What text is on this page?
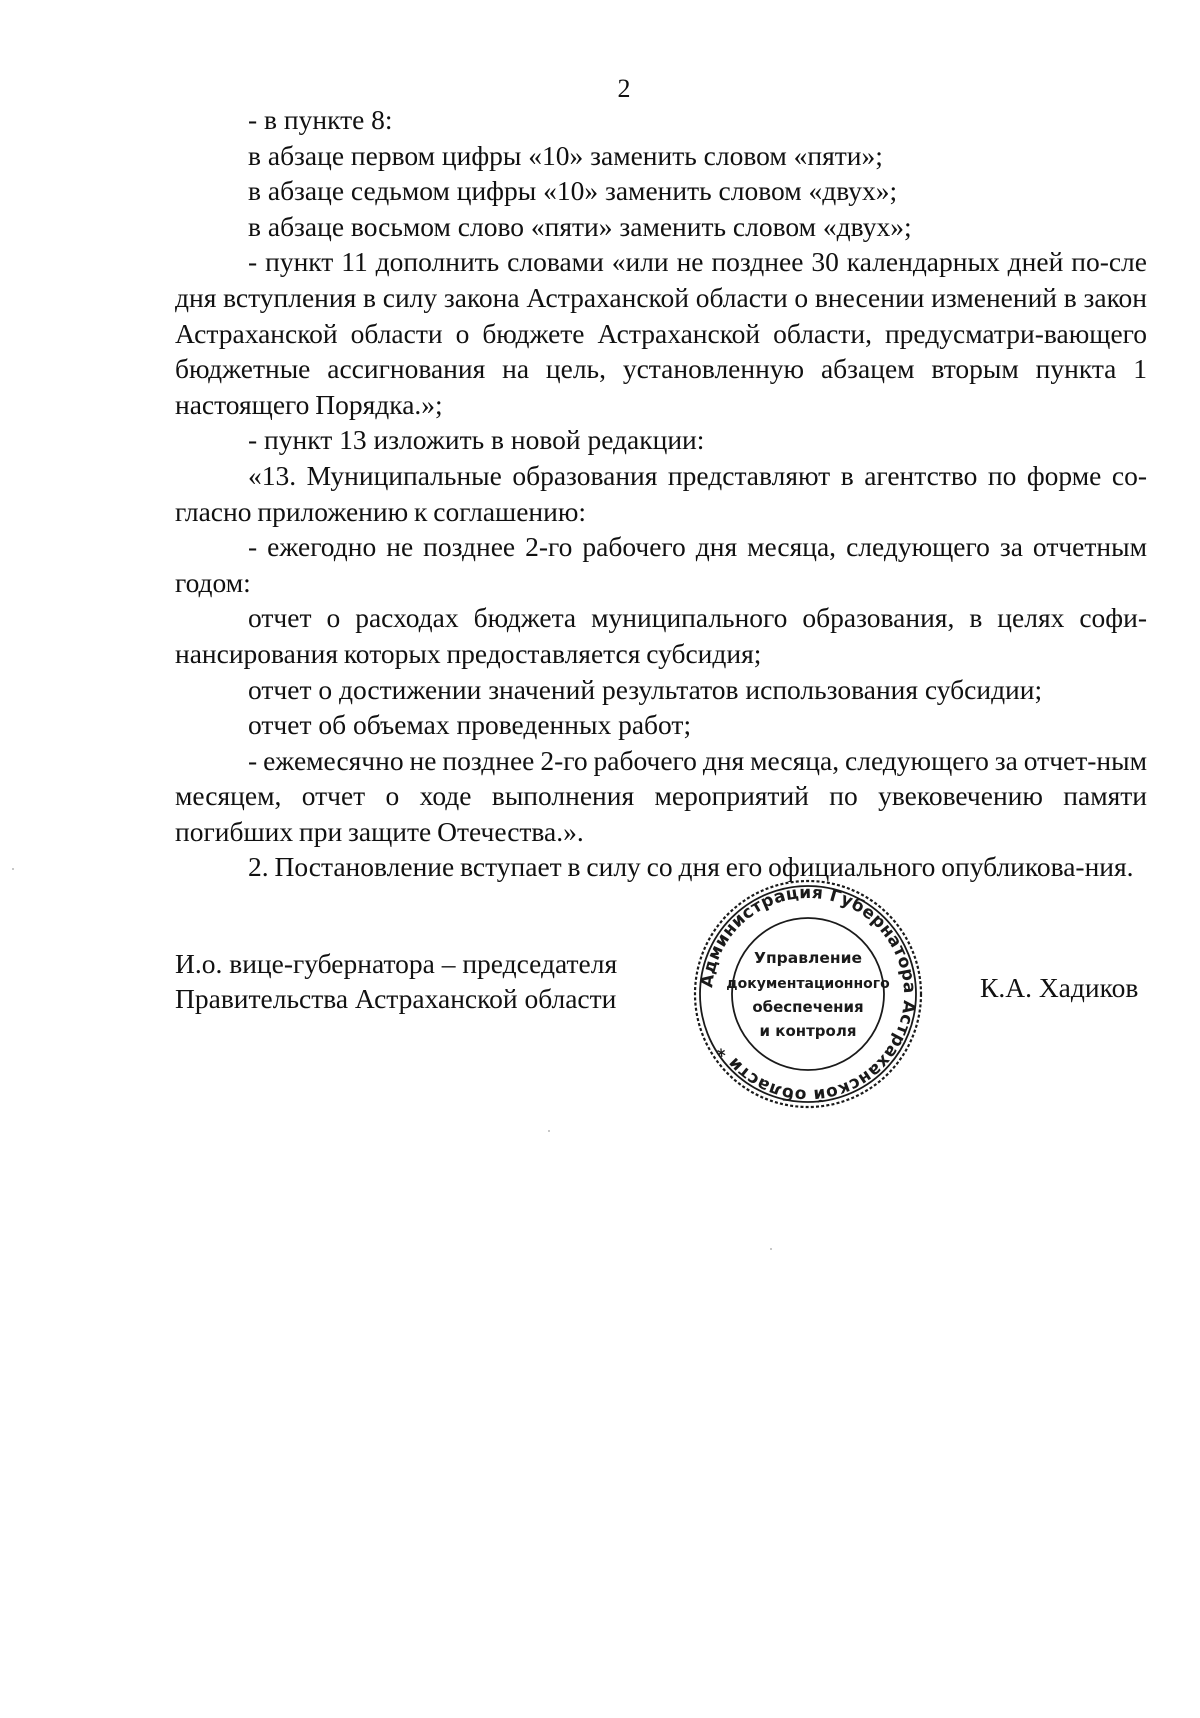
2

- в пункте 8:

в абзаце первом цифры «10» заменить словом «пяти»;

в абзаце седьмом цифры «10» заменить словом «двух»;

в абзаце восьмом слово «пяти» заменить словом «двух»;

- пункт 11 дополнить словами «или не позднее 30 календарных дней по-сле дня вступления в силу закона Астраханской области о внесении изменений в закон Астраханской области о бюджете Астраханской области, предусматри-вающего бюджетные ассигнования на цель, установленную абзацем вторым пункта 1 настоящего Порядка.»;

- пункт 13 изложить в новой редакции:

«13. Муниципальные образования представляют в агентство по форме со-гласно приложению к соглашению:

- ежегодно не позднее 2-го рабочего дня месяца, следующего за отчетным годом:

отчет о расходах бюджета муниципального образования, в целях софи-нансирования которых предоставляется субсидия;

отчет о достижении значений результатов использования субсидии;

отчет об объемах проведенных работ;

- ежемесячно не позднее 2-го рабочего дня месяца, следующего за отчет-ным месяцем, отчет о ходе выполнения мероприятий по увековечению памяти погибших при защите Отечества.».

2. Постановление вступает в силу со дня его официального опубликова-ния.

И.о. вице-губернатора – председателя
Правительства Астраханской области	К.А. Хадиков
Администрация Губернатора Астраханской области *
Управление
документационного
обеспечения
и контроля
